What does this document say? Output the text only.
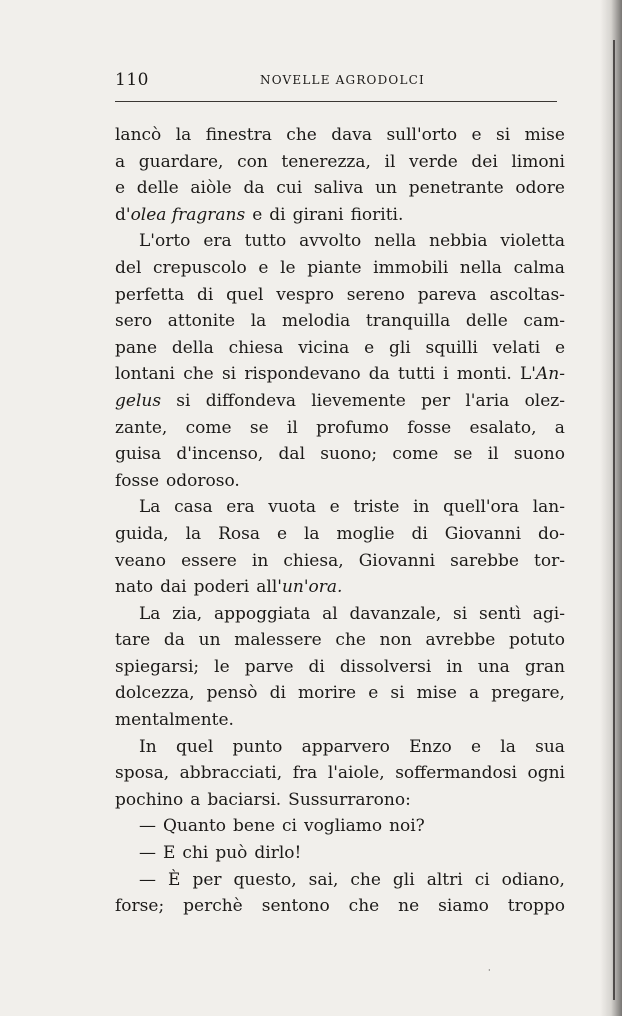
110	NOVELLE AGRODOLCI
lancò la finestra che dava sull'orto e si mise
a guardare, con tenerezza, il verde dei limoni
e delle aiòle da cui saliva un penetrante odore
d'olea fragrans e di girani fioriti.
L'orto era tutto avvolto nella nebbia violetta
del crepuscolo e le piante immobili nella calma
perfetta di quel vespro sereno pareva ascoltas-
sero attonite la melodia tranquilla delle cam-
pane della chiesa vicina e gli squilli velati e
lontani che si rispondevano da tutti i monti. L'An-
gelus si diffondeva lievemente per l'aria olez-
zante, come se il profumo fosse esalato, a
guisa d'incenso, dal suono; come se il suono
fosse odoroso.
La casa era vuota e triste in quell'ora lan-
guida, la Rosa e la moglie di Giovanni do-
veano essere in chiesa, Giovanni sarebbe tor-
nato dai poderi all'un'ora.
La zia, appoggiata al davanzale, si sentì agi-
tare da un malessere che non avrebbe potuto
spiegarsi; le parve di dissolversi in una gran
dolcezza, pensò di morire e si mise a pregare,
mentalmente.
In quel punto apparvero Enzo e la sua
sposa, abbracciati, fra l'aiole, soffermandosi ogni
pochino a baciarsi. Sussurrarono:
— Quanto bene ci vogliamo noi?
— E chi può dirlo!
— È per questo, sai, che gli altri ci odiano,
forse; perchè sentono che ne siamo troppo
·
